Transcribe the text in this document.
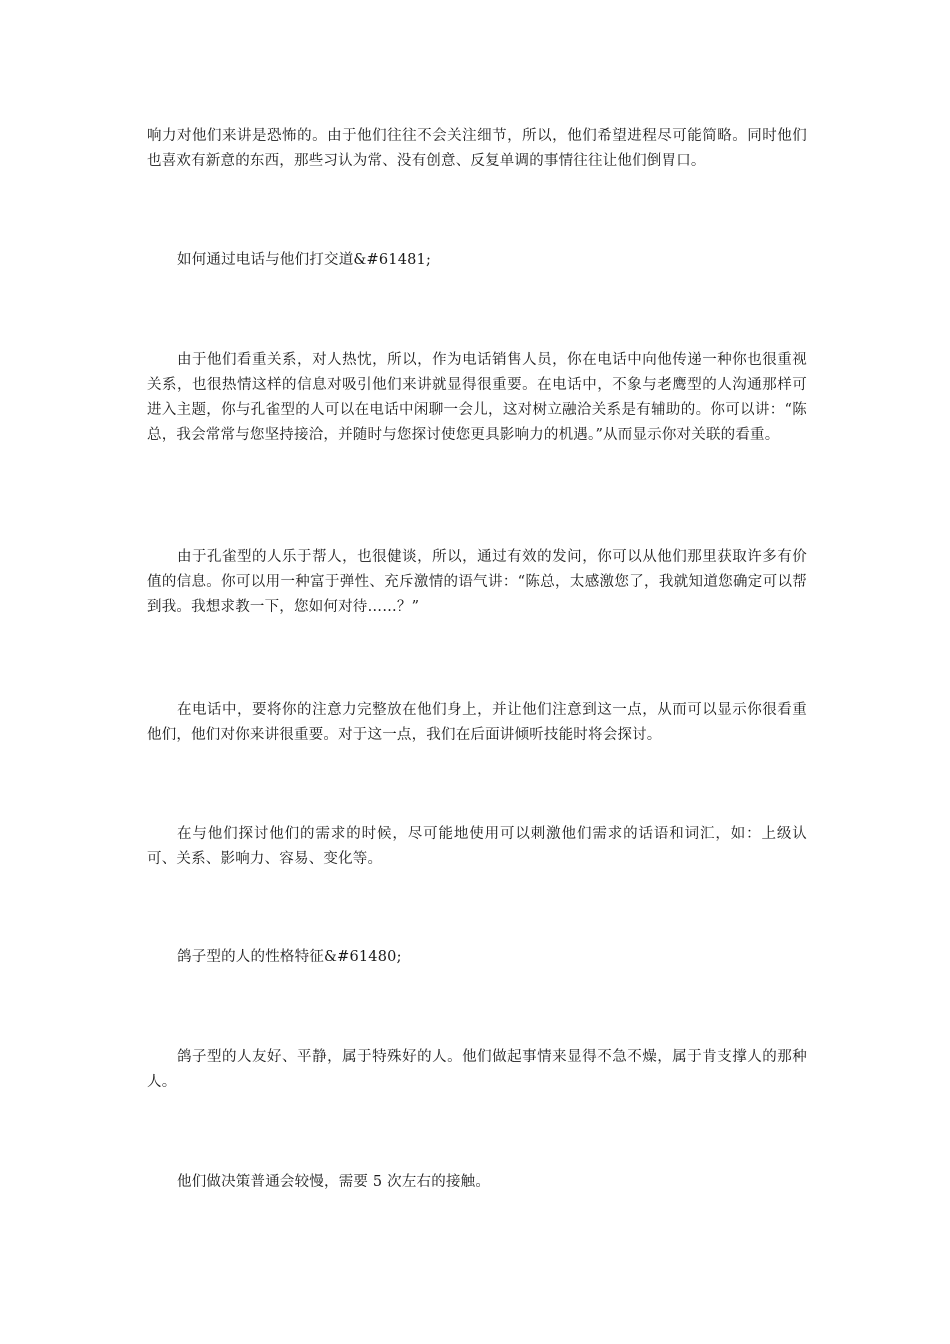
响力对他们来讲是恐怖的。由于他们往往不会关注细节，所以，他们希望进程尽可能简略。同时他们也喜欢有新意的东西，那些习认为常、没有创意、反复单调的事情往往让他们倒胃口。

如何通过电话与他们打交道&#61481;

由于他们看重关系，对人热忱，所以，作为电话销售人员，你在电话中向他传递一种你也很重视关系，也很热情这样的信息对吸引他们来讲就显得很重要。在电话中，不象与老鹰型的人沟通那样可进入主题，你与孔雀型的人可以在电话中闲聊一会儿，这对树立融洽关系是有辅助的。你可以讲：“陈总，我会常常与您坚持接洽，并随时与您探讨使您更具影响力的机遇。”从而显示你对关联的看重。

由于孔雀型的人乐于帮人，也很健谈，所以，通过有效的发问，你可以从他们那里获取许多有价值的信息。你可以用一种富于弹性、充斥激情的语气讲：“陈总，太感激您了，我就知道您确定可以帮到我。我想求教一下，您如何对待……？”

在电话中，要将你的注意力完整放在他们身上，并让他们注意到这一点，从而可以显示你很看重他们，他们对你来讲很重要。对于这一点，我们在后面讲倾听技能时将会探讨。

在与他们探讨他们的需求的时候，尽可能地使用可以刺激他们需求的话语和词汇，如：上级认可、关系、影响力、容易、变化等。

鸽子型的人的性格特征&#61480;

鸽子型的人友好、平静，属于特殊好的人。他们做起事情来显得不急不燥，属于肯支撑人的那种人。

他们做决策普通会较慢，需要 5 次左右的接触。
